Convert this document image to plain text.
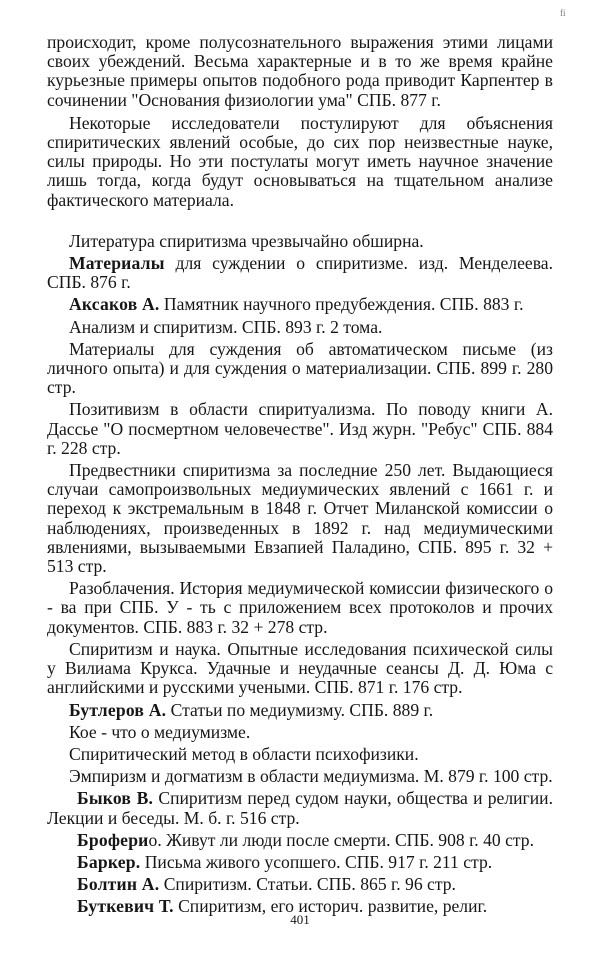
fi

происходит, кроме полусознательного выражения этими лицами своих убеждений. Весьма характерные и в то же время крайне курьезные примеры опытов подобного рода приводит Карпентер в сочинении "Основания физиологии ума" СПБ. 877 г.

Некоторые исследователи постулируют для объяснения спиритических явлений особые, до сих пор неизвестные науке, силы природы. Но эти постулаты могут иметь научное значение лишь тогда, когда будут основываться на тщательном анализе фактического материала.

Литература спиритизма чрезвычайно обширна.

Материалы для суждении о спиритизме. изд. Менделеева. СПБ. 876 г.

Аксаков А. Памятник научного предубеждения. СПБ. 883 г.

Анализм и спиритизм. СПБ. 893 г. 2 тома.

Материалы для суждения об автоматическом письме (из личного опыта) и для суждения о материализации. СПБ. 899 г. 280 стр.

Позитивизм в области спиритуализма. По поводу книги А. Дассье "О посмертном человечестве". Изд журн. "Ребус" СПБ. 884 г. 228 стр.

Предвестники спиритизма за последние 250 лет. Выдающиеся случаи самопроизвольных медиумических явлений с 1661 г. и переход к экстремальным в 1848 г. Отчет Миланской комиссии о наблюдениях, произведенных в 1892 г. над медиумическими явлениями, вызываемыми Евзапией Паладино, СПБ. 895 г. 32 + 513 стр.

Разоблачения. История медиумической комиссии физического о - ва при СПБ. У - ть с приложением всех протоколов и прочих документов. СПБ. 883 г. 32 + 278 стр.

Спиритизм и наука. Опытные исследования психической силы у Вилиама Крукса. Удачные и неудачные сеансы Д. Д. Юма с английскими и русскими учеными. СПБ. 871 г. 176 стр.

Бутлеров А. Статьи по медиумизму. СПБ. 889 г.

Кое - что о медиумизме.

Спиритический метод в области психофизики.

Эмпиризм и догматизм в области медиумизма. М. 879 г. 100 стр.

Быков В. Спиритизм перед судом науки, общества и религии. Лекции и беседы. М. б. г. 516 стр.

Броферио. Живут ли люди после смерти. СПБ. 908 г. 40 стр.

Баркер. Письма живого усопшего. СПБ. 917 г. 211 стр.

Болтин А. Спиритизм. Статьи. СПБ. 865 г. 96 стр.

Буткевич Т. Спиритизм, его историч. развитие, религ.

401
